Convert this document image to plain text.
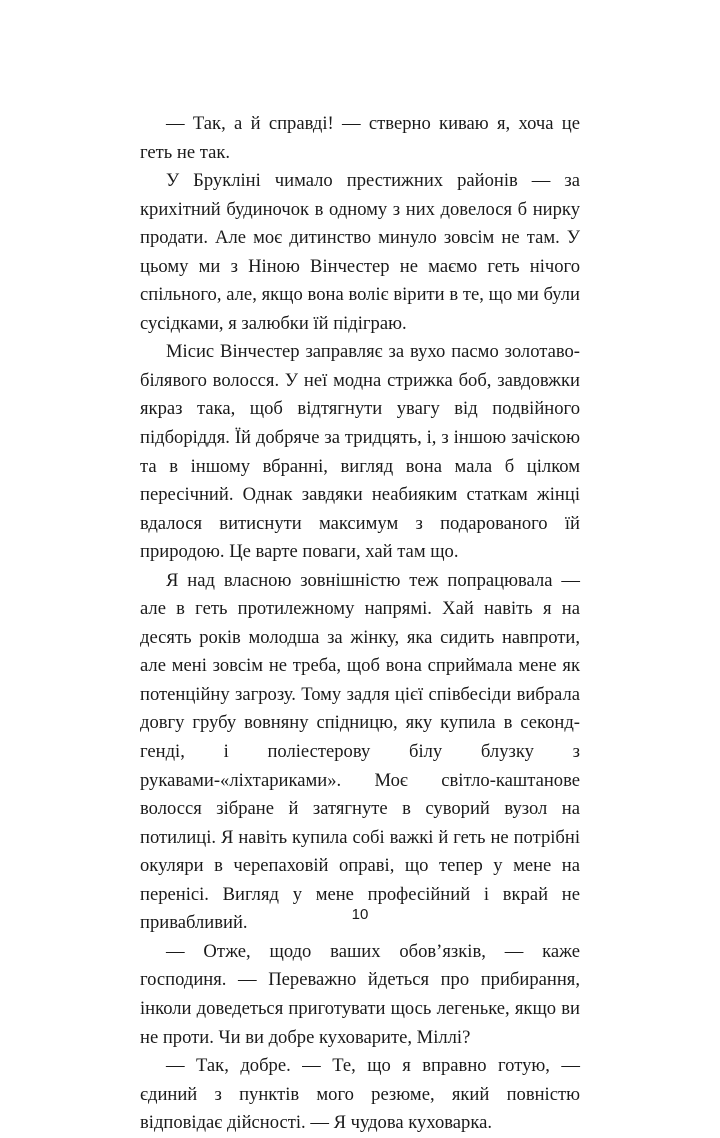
— Так, а й справді! — стверно киваю я, хоча це геть не так.

У Брукліні чимало престижних районів — за крихітний будиночок в одному з них довелося б нирку продати. Але моє дитинство минуло зовсім не там. У цьому ми з Ніною Вінчестер не маємо геть нічого спільного, але, якщо вона воліє вірити в те, що ми були сусідками, я залюбки їй підіграю.

Місис Вінчестер заправляє за вухо пасмо золотаво-білявого волосся. У неї модна стрижка боб, завдовжки якраз така, щоб відтягнути увагу від подвійного підборіддя. Їй добряче за тридцять, і, з іншою зачіскою та в іншому вбранні, вигляд вона мала б цілком пересічний. Однак завдяки неабияким статкам жінці вдалося витиснути максимум з подарованого їй природою. Це варте поваги, хай там що.

Я над власною зовнішністю теж попрацювала — але в геть протилежному напрямі. Хай навіть я на десять років молодша за жінку, яка сидить навпроти, але мені зовсім не треба, щоб вона сприймала мене як потенційну загрозу. Тому задля цієї співбесіди вибрала довгу грубу вовняну спідницю, яку купила в секонд-генді, і поліестерову білу блузку з рукавами-«ліхтариками». Моє світло-каштанове волосся зібране й затягнуте в суворий вузол на потилиці. Я навіть купила собі важкі й геть не потрібні окуляри в черепаховій оправі, що тепер у мене на перенісі. Вигляд у мене професійний і вкрай не привабливий.

— Отже, щодо ваших обов’язків, — каже господиня. — Переважно йдеться про прибирання, інколи доведеться приготувати щось легеньке, якщо ви не проти. Чи ви добре куховарите, Міллі?

— Так, добре. — Те, що я вправно готую, — єдиний з пунктів мого резюме, який повністю відповідає дійсності. — Я чудова куховарка.

10
